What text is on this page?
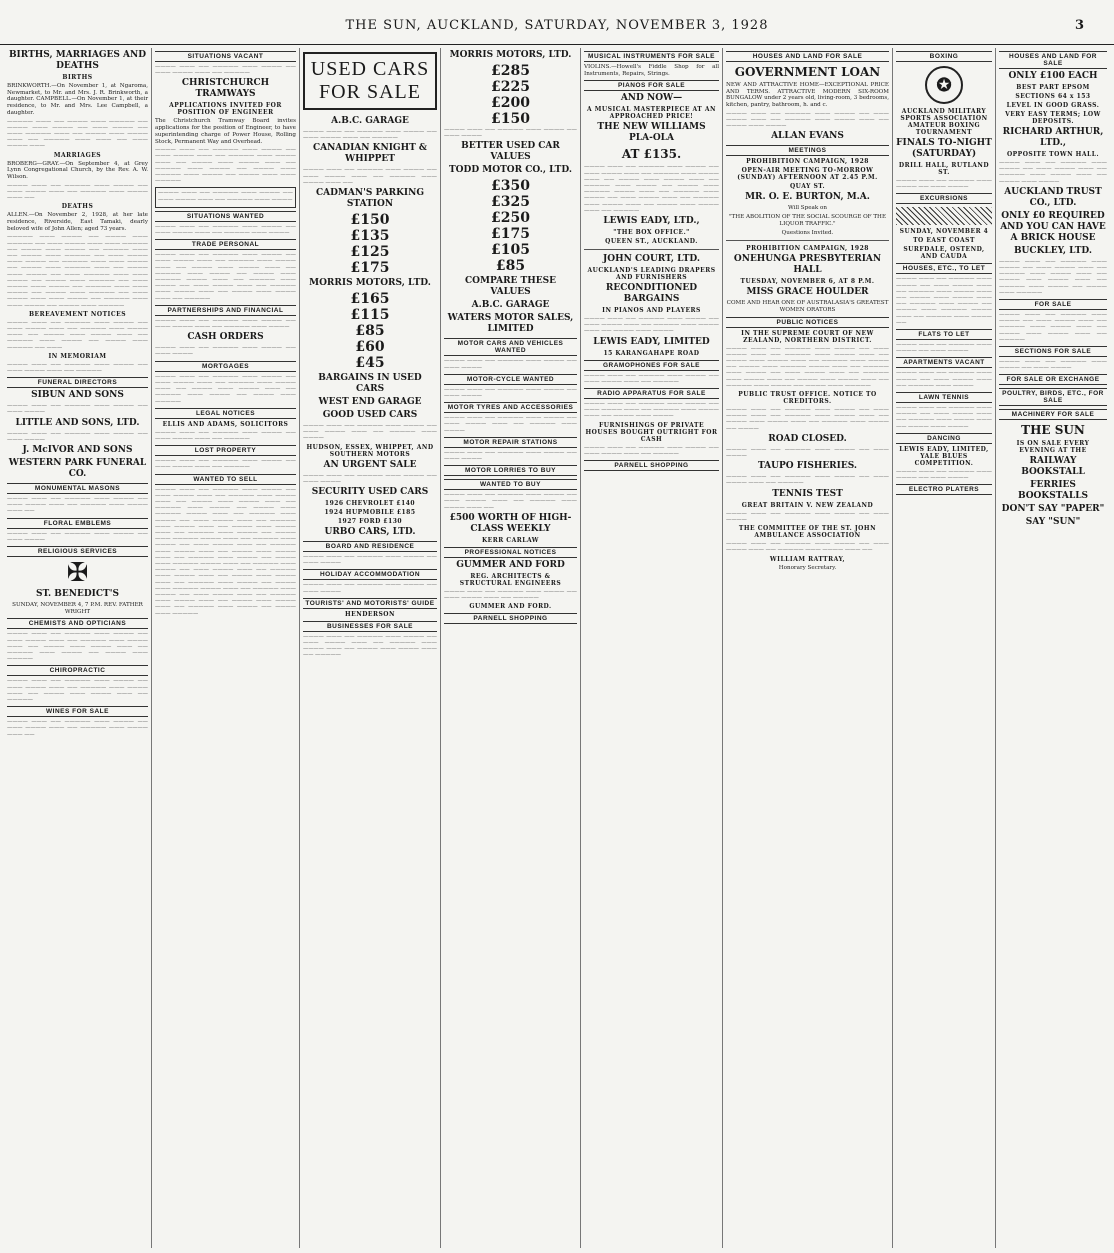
THE SUN, AUCKLAND, SATURDAY, NOVEMBER 3, 1928	3
BIRTHS, MARRIAGES AND DEATHS
BIRTHS

BRINKWORTH.—On November 1, at Ngaroma, Newmarket, to Mr. and Mrs. J. R. Brinkworth, a daughter. CAMPBELL.—On November 1, at their residence, to Mr. and Mrs. Lee Campbell, a daughter.

————— ——— —— ———— ——— ————— —— ———— ——— ———— —— ——— ———— —— ——— ————— ——— —— ———— ——— ———— ——— —— ————— ——— ——— —— ——— ———— ———

MARRIAGES

BROBERG—GRAY.—On September 4, at Grey Lynn Congregational Church, by the Rev. A. W. Wilson.

———— ——— —— ————— ——— ———— —— ——— ———— ——— —— ————— ——— ———— ——— ——

DEATHS

ALLEN.—On November 2, 1928, at her late residence, Riverside, East Tamaki, dearly beloved wife of John Allen; aged 73 years.

————— ——— ———— —— ———— ——— ————— —— ——— ———— ——— ——— ————— —— ———— ——— ———— —— ————— ——— —— ———— ——— ————— —— ——— ———— ——— ———— —— ————— ——— ——— ———— —— ———— ——— ————— ——— —— ———— ——— ———— —— ——— ————— ——— ——— ———— —— ———— ——— ————— —— ——— ———— ——— ———— —— ————— ——— ——— ———— —— ———— ——— ————— —— ——— ———— ——— ——— ———— —— ————— ——— ——— ———— —— ———— ——— —————

BEREAVEMENT NOTICES

———— ——— —— ————— ——— ———— —— ——— ———— ——— —— ————— ——— ———— ——— —— ———— ——— ———— ——— —— ————— ——— ———— —— ———— ——— ————— —— ———

IN MEMORIAM

———— ——— —— ————— ——— ———— —— ——— ———— ——— —— —————

FUNERAL DIRECTORS
SIBUN AND SONS

———— ——— —— ————— ——— ———— —— ——— ————

LITTLE AND SONS, LTD.

———— ——— —— ————— ——— ———— —— ——— ————

J. McIVOR AND SONS
WESTERN PARK FUNERAL CO.
MONUMENTAL MASONS

———— ——— —— ————— ——— ———— —— ——— ———— ——— —— ————— ——— ———— ——— ——

FLORAL EMBLEMS

———— ——— —— ————— ——— ———— —— ——— ————

RELIGIOUS SERVICES
✠
ST. BENEDICT'S

SUNDAY, NOVEMBER 4, 7 P.M. REV. FATHER WRIGHT

CHEMISTS AND OPTICIANS

———— ——— —— ————— ——— ———— —— ——— ———— ——— —— ————— ——— ———— ——— —— ———— ——— ———— ——— —— ————— ——— ———— —— ———— ——— —————

CHIROPRACTIC

———— ——— —— ————— ——— ———— —— ——— ———— ——— —— ————— ——— ———— ——— —— ———— ——— ———— ——— —— —————

WINES FOR SALE

———— ——— —— ————— ——— ———— —— ——— ———— ——— —— ————— ——— ———— ——— ——

SITUATIONS VACANT

———— ——— —— ————— ——— ———— —— ——— ———— ——— —— —————

CHRISTCHURCH TRAMWAYS
APPLICATIONS INVITED FOR POSITION OF ENGINEER

The Christchurch Tramway Board invites applications for the position of Engineer, to have superintending charge of Power House, Rolling Stock, Permanent Way and Overhead.

———— ——— —— ————— ——— ———— —— ——— ———— ——— —— ————— ——— ———— ——— —— ———— ——— ———— ——— —— ————— ——— ———— —— ———— ——— ————— ——— ———— —— ———— ——— ——— —————

———— ——— —— ————— ——— ———— —— ——— ———— ——— —— ————— ——— ————

SITUATIONS WANTED

———— ——— —— ————— ——— ———— —— ——— ———— ——— —— ————— ——— ————

TRADE PERSONAL

———— ——— —— ————— ——— ———— —— ——— ———— ——— —— ————— ——— ———— ——— —— ———— ——— ———— ——— —— ————— ——— ———— —— ———— ——— ————— ———— ——— —— ————— ——— ———— —— ——— ———— ——— —— ————— ——— ———— ——— —— ———— ——— ———— ——— —— —————

PARTNERSHIPS AND FINANCIAL

———— ——— —— ————— ——— ———— —— ——— ———— ——— —— ————— ——— ————

CASH ORDERS

———— ——— —— ————— ——— ———— —— ——— ————

MORTGAGES

———— ——— —— ————— ——— ———— —— ——— ———— ——— —— ————— ——— ———— ——— —— ———— ——— ———— ——— —— ————— ——— ———— —— ———— ——— —————

LEGAL NOTICES
ELLIS AND ADAMS, SOLICITORS

———— ——— —— ————— ——— ———— —— ——— ———— ——— —— —————

LOST PROPERTY

———— ——— —— ————— ——— ———— —— ——— ———— ——— —— —————

WANTED TO SELL

———— ——— —— ————— ——— ———— —— ——— ———— ——— —— ————— ——— ———— ——— —— ———— ——— ———— ——— —— ————— ——— ———— —— ———— ——— ————— ———— ——— —— ————— ——— ———— —— ——— ———— ——— —— ————— ——— ———— ——— —— ———— ——— ———— ——— —— ————— ——— ———— —— ———— ——— ————— ———— ——— —— ————— ——— ———— —— ——— ———— ——— —— ————— ——— ———— ——— —— ———— ——— ———— ——— —— ————— ——— ———— —— ———— ——— ————— ———— ——— —— ————— ——— ———— —— ——— ———— ——— —— ————— ——— ———— ——— —— ———— ——— ———— ——— —— ————— ——— ———— —— ———— ——— ————— ———— ——— —— ————— ——— ———— —— ——— ———— ——— —— ————— ——— ———— ——— —— ———— ——— ———— ——— —— ————— ——— ———— —— ———— ——— —————

USED CARS FOR SALE
A.B.C. GARAGE

———— ——— —— ————— ——— ———— —— ——— ———— ——— —— —————

CANADIAN KNIGHT & WHIPPET

———— ——— —— ————— ——— ———— —— ——— ———— ——— —— ————— ——— ———— ——— ——

CADMAN'S PARKING STATION
£150
£135
£125
£175
MORRIS MOTORS, LTD.
£165
£115
£85
£60
£45
BARGAINS IN USED CARS
WEST END GARAGE
GOOD USED CARS

———— ——— —— ————— ——— ———— —— ——— ———— ——— —— ————— ——— ————

HUDSON, ESSEX, WHIPPET, AND SOUTHERN MOTORS
AN URGENT SALE

———— ——— —— ————— ——— ———— —— ——— ————

SECURITY USED CARS
1926 CHEVROLET £140
1924 HUPMOBILE £185
1927 FORD £130
URBO CARS, LTD.
BOARD AND RESIDENCE

———— ——— —— ————— ——— ———— —— ——— ————

HOLIDAY ACCOMMODATION

———— ——— —— ————— ——— ———— —— ——— ————

TOURISTS' AND MOTORISTS' GUIDE
HENDERSON
BUSINESSES FOR SALE

———— ——— —— ————— ——— ———— —— ——— ———— ——— —— ————— ——— ———— ——— —— ———— ——— ———— ——— —— —————

MORRIS MOTORS, LTD.
£285
£225
£200
£150

———— ——— —— ————— ——— ———— —— ——— ————

BETTER USED CAR VALUES
TODD MOTOR CO., LTD.
£350
£325
£250
£175
£105
£85
COMPARE THESE VALUES
A.B.C. GARAGE
WATERS MOTOR SALES, LIMITED
MOTOR CARS AND VEHICLES WANTED

———— ——— —— ————— ——— ———— —— ——— ————

MOTOR-CYCLE WANTED

———— ——— —— ————— ——— ———— —— ——— ————

MOTOR TYRES AND ACCESSORIES

———— ——— —— ————— ——— ———— —— ——— ———— ——— —— ————— ——— ————

MOTOR REPAIR STATIONS

———— ——— —— ————— ——— ———— —— ——— ————

MOTOR LORRIES TO BUY
WANTED TO BUY

———— ——— —— ————— ——— ———— —— ——— ———— ——— —— ————— ——— ———— ——— ——

£500 WORTH OF HIGH-CLASS WEEKLY
KERR CARLAW
PROFESSIONAL NOTICES
GUMMER AND FORD
REG. ARCHITECTS & STRUCTURAL ENGINEERS

———— ——— —— ————— ——— ———— —— ——— ———— ——— —— —————

GUMMER AND FORD.
PARNELL SHOPPING
MUSICAL INSTRUMENTS FOR SALE

VIOLINS.—Howell's Fiddle Shop for all Instruments, Repairs, Strings.

PIANOS FOR SALE
AND NOW—
A MUSICAL MASTERPIECE AT AN APPROACHED PRICE!
THE NEW WILLIAMS PLA-OLA
AT £135.

———— ——— —— ————— ——— ———— —— ——— ———— ——— —— ————— ——— ———— ——— —— ———— ——— ———— ——— —— ————— ——— ———— —— ———— ——— ————— ———— ——— —— ————— ——— ———— —— ——— ———— ——— —— ————— ——— ———— ——— —— ———— ——— ———— ——— —— —————

LEWIS EADY, LTD.,
"THE BOX OFFICE."
QUEEN ST., AUCKLAND.
JOHN COURT, LTD.
AUCKLAND'S LEADING DRAPERS AND FURNISHERS
RECONDITIONED BARGAINS
IN PIANOS AND PLAYERS

———— ——— —— ————— ——— ———— —— ——— ———— ——— —— ————— ——— ———— ——— —— ———— ——— ————

LEWIS EADY, LIMITED
15 KARANGAHAPE ROAD
GRAMOPHONES FOR SALE

———— ——— —— ————— ——— ———— —— ——— ———— ——— —— —————

RADIO APPARATUS FOR SALE

———— ——— —— ————— ——— ———— —— ——— ———— ——— —— ————— ——— ———— ——— —— ———— ——— ————

FURNISHINGS OF PRIVATE HOUSES BOUGHT OUTRIGHT FOR CASH

———— ——— —— ————— ——— ———— —— ——— ———— ——— —— —————

PARNELL SHOPPING
HOUSES AND LAND FOR SALE
GOVERNMENT LOAN

NEW AND ATTRACTIVE HOME—EXCEPTIONAL PRICE AND TERMS. ATTRACTIVE MODERN SIX-ROOM BUNGALOW under 2 years old, living-room, 3 bedrooms, kitchen, pantry, bathroom, h. and c.

———— ——— —— ————— ——— ———— —— ——— ———— ——— —— ————— ——— ———— ——— —— ———— ——— ————

ALLAN EVANS
MEETINGS
PROHIBITION CAMPAIGN, 1928
OPEN-AIR MEETING TO-MORROW (SUNDAY) AFTERNOON AT 2.45 P.M.
QUAY ST.
MR. O. E. BURTON, M.A.

Will Speak on

"THE ABOLITION OF THE SOCIAL SCOURGE OF THE LIQUOR TRAFFIC."

Questions Invited.

PROHIBITION CAMPAIGN, 1928
ONEHUNGA PRESBYTERIAN HALL
TUESDAY, NOVEMBER 6, AT 8 P.M.
MISS GRACE HOULDER

COME AND HEAR ONE OF AUSTRALASIA'S GREATEST WOMEN ORATORS

PUBLIC NOTICES
IN THE SUPREME COURT OF NEW ZEALAND, NORTHERN DISTRICT.

———— ——— —— ————— ——— ———— —— ——— ———— ——— —— ————— ——— ———— ——— —— ———— ——— ———— ——— —— ————— ——— ———— —— ———— ——— ————— ———— ——— —— ————— ——— ———— —— ——— ———— ——— —— ————— ——— ———— ——— —— ———— ——— ———— ——— —— ————— ——— ———— —— ———— ——— —————

PUBLIC TRUST OFFICE. NOTICE TO CREDITORS.

———— ——— —— ————— ——— ———— —— ——— ———— ——— —— ————— ——— ———— ——— —— ———— ——— ———— ——— —— ————— ——— ———— —— ————

ROAD CLOSED.

———— ——— —— ————— ——— ———— —— ——— ————

TAUPO FISHERIES.

———— ——— —— ————— ——— ———— —— ——— ———— ——— —— —————

TENNIS TEST
GREAT BRITAIN V. NEW ZEALAND

———— ——— —— ————— ——— ———— —— ——— ————

THE COMMITTEE OF THE ST. JOHN AMBULANCE ASSOCIATION

———— ——— —— ————— ——— ———— —— ——— ———— ——— —— ————— ——— ———— ——— ——

WILLIAM RATTRAY,

Honorary Secretary.

BOXING
✪
AUCKLAND MILITARY SPORTS ASSOCIATION AMATEUR BOXING TOURNAMENT
FINALS TO-NIGHT (SATURDAY)
DRILL HALL, RUTLAND ST.

———— ——— —— ————— ——— ———— —— ——— ————

EXCURSIONS
SUNDAY, NOVEMBER 4
TO EAST COAST
SURFDALE, OSTEND, AND CAUDA
HOUSES, ETC., TO LET

———— ——— —— ————— ——— ———— —— ——— ———— ——— —— ————— ——— ———— ——— —— ———— ——— ———— ——— —— ————— ——— ———— —— ———— ——— ————— ———— ——— —— ————— ——— ———— ——

FLATS TO LET

———— ——— —— ————— ——— ———— —— ——— ————

APARTMENTS VACANT

———— ——— —— ————— ——— ———— —— ——— ———— ——— —— ————— ——— ————

LAWN TENNIS

———— ——— —— ————— ——— ———— —— ——— ———— ——— —— ————— ——— ———— ——— —— ———— ——— ————

DANCING
LEWIS EADY, LIMITED, YALE BLUES COMPETITION.

———— ——— —— ————— ——— ———— —— ——— ————

ELECTRO PLATERS
HOUSES AND LAND FOR SALE
ONLY £100 EACH
BEST PART EPSOM
SECTIONS 64 x 153
LEVEL IN GOOD GRASS.
VERY EASY TERMS; LOW DEPOSITS.
RICHARD ARTHUR, LTD.,
OPPOSITE TOWN HALL.

———— ——— —— ————— ——— ———— —— ——— ———— ——— —— ————— ——— ———— ——— —— ———— ——— ————

AUCKLAND TRUST CO., LTD.
ONLY £0 REQUIRED AND YOU CAN HAVE A BRICK HOUSE
BUCKLEY, LTD.

———— ——— —— ————— ——— ———— —— ——— ———— ——— —— ————— ——— ———— ——— —— ———— ——— ———— ——— —— ————— ——— ———— —— ———— ——— —————

FOR SALE

———— ——— —— ————— ——— ———— —— ——— ———— ——— —— ————— ——— ———— ——— —— ———— ——— ———— ——— —— —————

SECTIONS FOR SALE

———— ——— —— ————— ——— ———— —— ——— ————

FOR SALE OR EXCHANGE
POULTRY, BIRDS, ETC., FOR SALE
MACHINERY FOR SALE
THE SUN
IS ON SALE EVERY EVENING AT THE
RAILWAY BOOKSTALL
FERRIES BOOKSTALLS
DON'T SAY "PAPER"
SAY "SUN"
